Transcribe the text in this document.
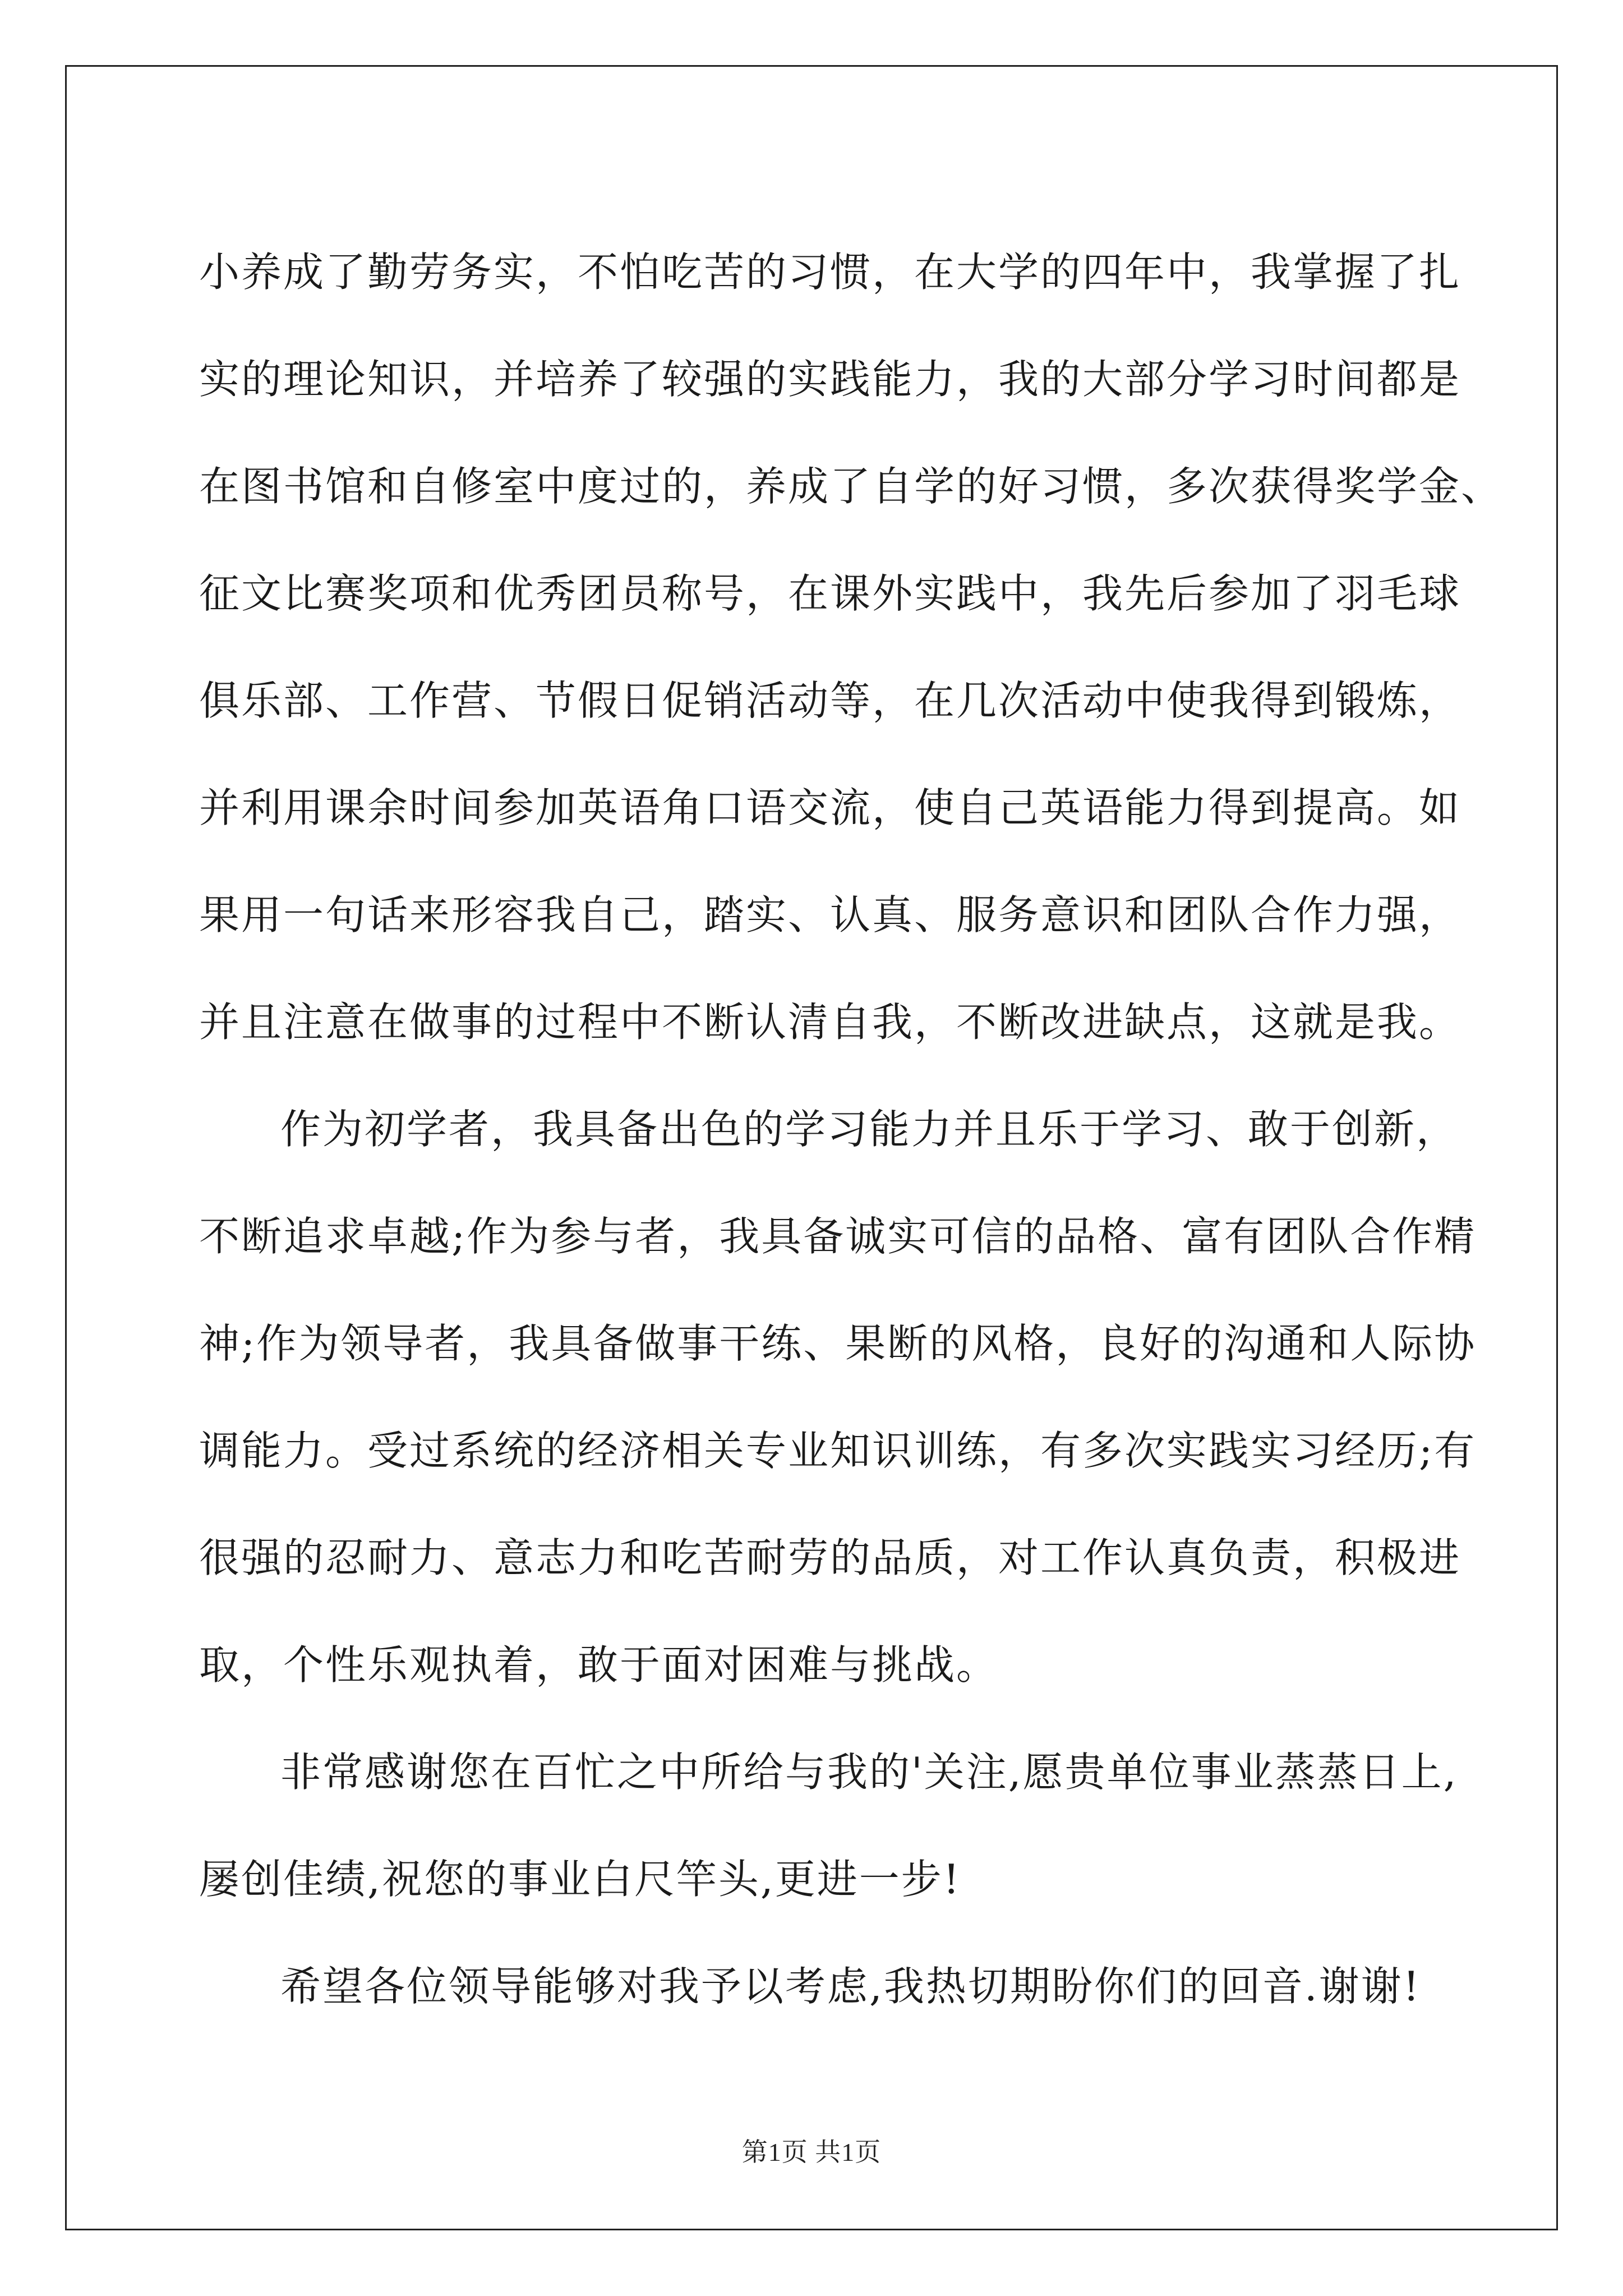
小养成了勤劳务实，不怕吃苦的习惯，在大学的四年中，我掌握了扎
实的理论知识，并培养了较强的实践能力，我的大部分学习时间都是
在图书馆和自修室中度过的，养成了自学的好习惯，多次获得奖学金、
征文比赛奖项和优秀团员称号，在课外实践中，我先后参加了羽毛球
俱乐部、工作营、节假日促销活动等，在几次活动中使我得到锻炼，
并利用课余时间参加英语角口语交流，使自己英语能力得到提高。如
果用一句话来形容我自己，踏实、认真、服务意识和团队合作力强，
并且注意在做事的过程中不断认清自我，不断改进缺点，这就是我。
作为初学者，我具备出色的学习能力并且乐于学习、敢于创新，
不断追求卓越;作为参与者，我具备诚实可信的品格、富有团队合作精
神;作为领导者，我具备做事干练、果断的风格，良好的沟通和人际协
调能力。受过系统的经济相关专业知识训练，有多次实践实习经历;有
很强的忍耐力、意志力和吃苦耐劳的品质，对工作认真负责，积极进
取，个性乐观执着，敢于面对困难与挑战。
非常感谢您在百忙之中所给与我的'关注,愿贵单位事业蒸蒸日上,
屡创佳绩,祝您的事业白尺竿头,更进一步!
希望各位领导能够对我予以考虑,我热切期盼你们的回音.谢谢!
第1页 共1页
